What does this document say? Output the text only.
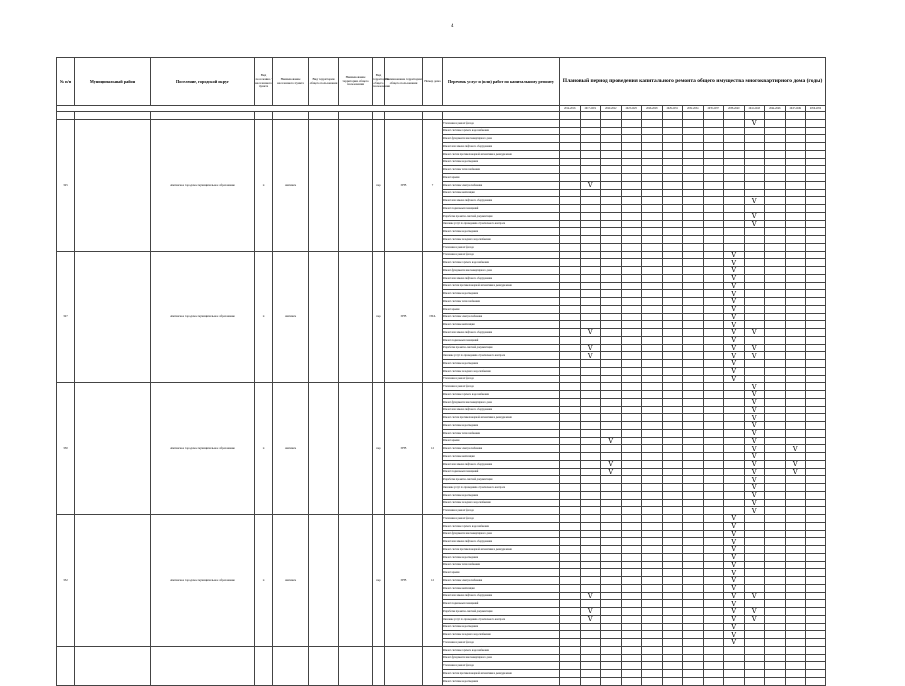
4
№ п/п	Муниципальный район	Поселение, городской округ	Вид поселения / населенного пункта	Наименование населенного пункта	Вид территории общего пользования	Наименование территории общего пользования	Вид территории общего пользования	Наименование территории общего пользования	Номер дома	Перечень услуг и (или) работ по капитальному ремонту	Плановый период проведения капитального ремонта общего имущества многоквартирного дома (годы)												
											2014-2016	2017-2019	2020-2022	2023-2025	2026-2028	2029-2031	2032-2034	2035-2037	2038-2040	2041-2043	2044-2046	2047-2049	2050-2052

325		Амгинское городское муниципальное образование	п	Амгинск			пер	П+В	7	Утепление и ремонт фасада										V			
										Ремонт системы горячего водоснабжения													
										Ремонт фундамента многоквартирного дома													
										Ремонт или замена лифтового оборудования													
										Ремонт систем противопожарной автоматики и дымоудаления													
										Ремонт системы водоотведения													
										Ремонт системы теплоснабжения													
										Ремонт крыши													
										Ремонт системы электроснабжения		V											
										Ремонт системы вентиляции													
										Ремонт или замена лифтового оборудования										V			
										Ремонт подвальных помещений													
										Разработка проектно-сметной документации										V			
										Оказание услуг по проведению строительного контроля										V			
										Ремонт системы водоотведения													
										Ремонт системы холодного водоснабжения													
										Утепление и ремонт фасада													
327		Амгинское городское муниципальное образование	п	Амгинск			пер	П+В	ПТА	Утепление и ремонт фасада									V				
										Ремонт системы горячего водоснабжения									V				
										Ремонт фундамента многоквартирного дома									V				
										Ремонт или замена лифтового оборудования									V				
										Ремонт систем противопожарной автоматики и дымоудаления									V				
										Ремонт системы водоотведения									V				
										Ремонт системы теплоснабжения									V				
										Ремонт крыши									V				
										Ремонт системы электроснабжения									V				
										Ремонт системы вентиляции									V				
										Ремонт или замена лифтового оборудования		V							V	V			
										Ремонт подвальных помещений									V				
										Разработка проектно-сметной документации		V							V	V			
										Оказание услуг по проведению строительного контроля		V							V	V			
										Ремонт системы водоотведения									V				
										Ремонт системы холодного водоснабжения									V				
										Утепление и ремонт фасада									V				
330		Амгинское городское муниципальное образование	п	Амгинск			пер	П+В	12	Утепление и ремонт фасада										V			
										Ремонт системы горячего водоснабжения										V			
										Ремонт фундамента многоквартирного дома										V			
										Ремонт или замена лифтового оборудования										V			
										Ремонт систем противопожарной автоматики и дымоудаления										V			
										Ремонт системы водоотведения										V			
										Ремонт системы теплоснабжения										V			
										Ремонт крыши			V							V			
										Ремонт системы электроснабжения										V		V	
										Ремонт системы вентиляции										V			
										Ремонт или замена лифтового оборудования			V							V		V	
										Ремонт подвальных помещений			V							V		V	
										Разработка проектно-сметной документации										V			
										Оказание услуг по проведению строительного контроля										V			
										Ремонт системы водоотведения										V			
										Ремонт системы холодного водоснабжения										V			
										Утепление и ремонт фасада										V			
332		Амгинское городское муниципальное образование	п	Амгинск			пер	П+В	12	Утепление и ремонт фасада									V				
										Ремонт системы горячего водоснабжения									V				
										Ремонт фундамента многоквартирного дома									V				
										Ремонт или замена лифтового оборудования									V				
										Ремонт систем противопожарной автоматики и дымоудаления									V				
										Ремонт системы водоотведения									V				
										Ремонт системы теплоснабжения									V				
										Ремонт крыши									V				
										Ремонт системы электроснабжения									V				
										Ремонт системы вентиляции									V				
										Ремонт или замена лифтового оборудования		V							V	V			
										Ремонт подвальных помещений									V				
										Разработка проектно-сметной документации		V							V	V			
										Оказание услуг по проведению строительного контроля		V							V	V			
										Ремонт системы водоотведения									V				
										Ремонт системы холодного водоснабжения									V				
										Утепление и ремонт фасада									V				
										Ремонт системы горячего водоснабжения													
										Ремонт фундамента многоквартирного дома													
										Утепление и ремонт фасада													
										Ремонт систем противопожарной автоматики и дымоудаления													
										Ремонт системы водоотведения													
